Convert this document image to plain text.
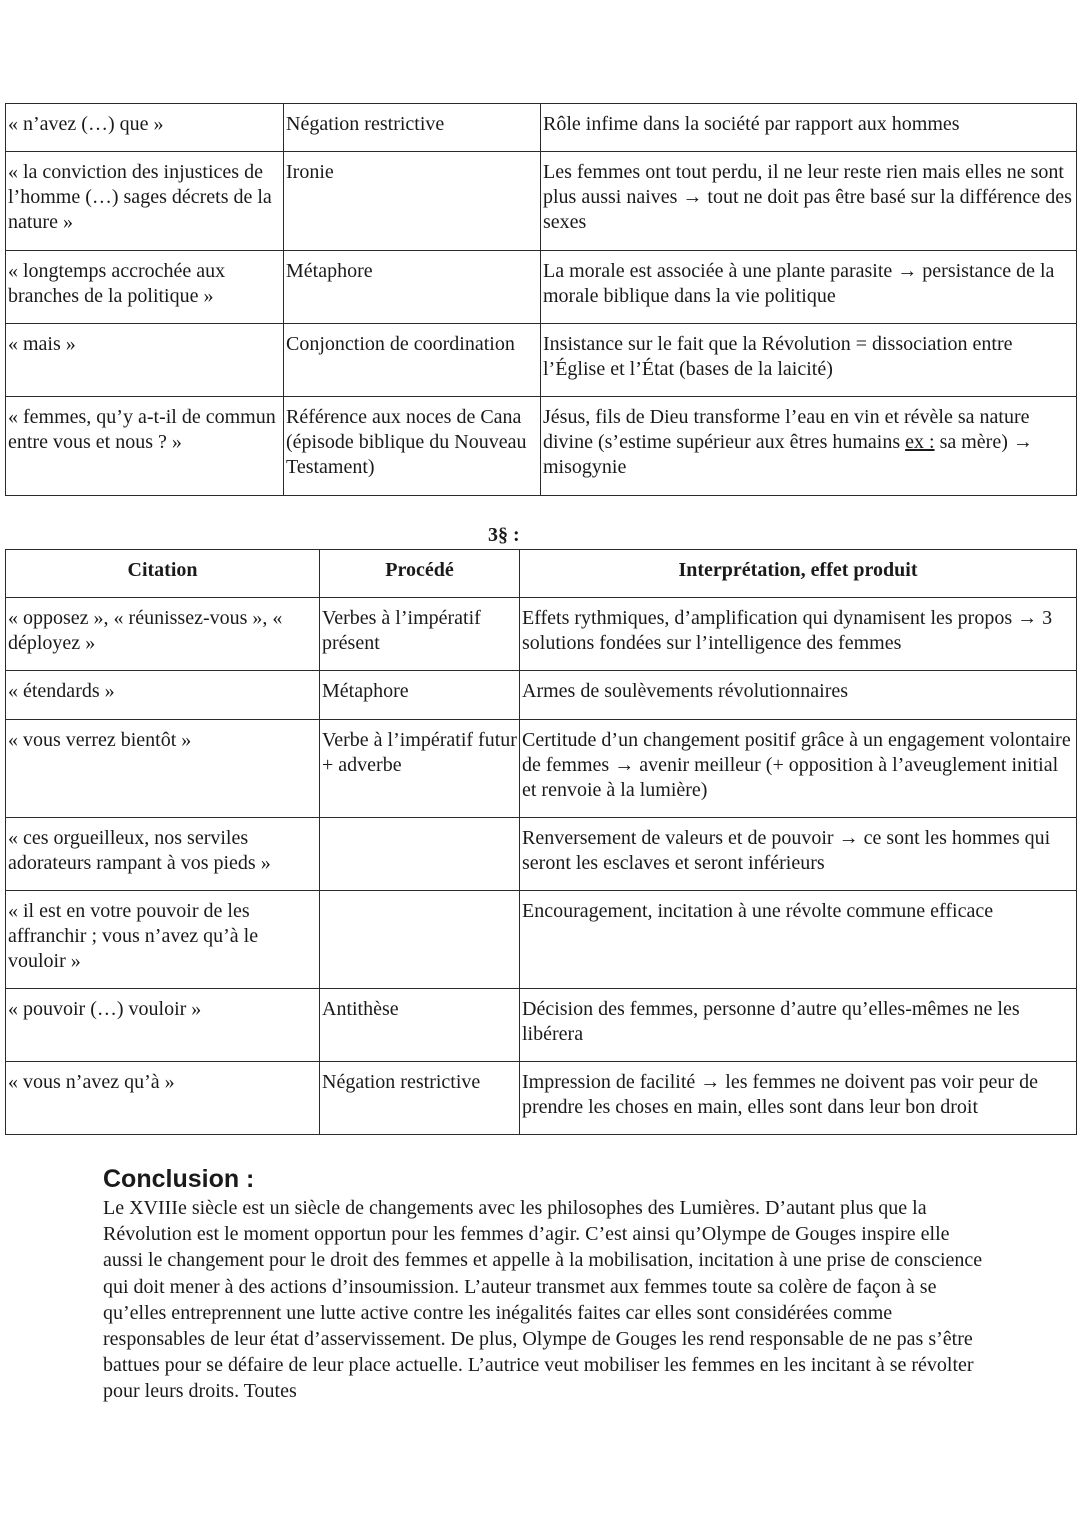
« n’avez (…) que »	Négation restrictive	Rôle infime dans la société par rapport aux hommes
« la conviction des injustices de l’homme (…) sages décrets de la nature »	Ironie	Les femmes ont tout perdu, il ne leur reste rien mais elles ne sont plus aussi naives → tout ne doit pas être basé sur la différence des sexes
« longtemps accrochée aux branches de la politique »	Métaphore	La morale est associée à une plante parasite → persistance de la morale biblique dans la vie politique
« mais »	Conjonction de coordination	Insistance sur le fait que la Révolution = dissociation entre l’Église et l’État (bases de la laicité)
« femmes, qu’y a-t-il de commun entre vous et nous ? »	Référence aux noces de Cana (épisode biblique du Nouveau Testament)	Jésus, fils de Dieu transforme l’eau en vin et révèle sa nature divine (s’estime supérieur aux êtres humains ex : sa mère) → misogynie
3§ :
Citation	Procédé	Interprétation, effet produit
« opposez », « réunissez-vous », « déployez »	Verbes à l’impératif présent	Effets rythmiques, d’amplification qui dynamisent les propos → 3 solutions fondées sur l’intelligence des femmes
« étendards »	Métaphore	Armes de soulèvements révolutionnaires
« vous verrez bientôt »	Verbe à l’impératif futur + adverbe	Certitude d’un changement positif grâce à un engagement volontaire de femmes → avenir meilleur (+ opposition à l’aveuglement initial et renvoie à la lumière)
« ces orgueilleux, nos serviles adorateurs rampant à vos pieds »		Renversement de valeurs et de pouvoir → ce sont les hommes qui seront les esclaves et seront inférieurs
« il est en votre pouvoir de les affranchir ; vous n’avez qu’à le vouloir »		Encouragement, incitation à une révolte commune efficace
« pouvoir (…) vouloir »	Antithèse	Décision des femmes, personne d’autre qu’elles-mêmes ne les libérera
« vous n’avez qu’à »	Négation restrictive	Impression de facilité → les femmes ne doivent pas voir peur de prendre les choses en main, elles sont dans leur bon droit
Conclusion :

Le XVIIIe siècle est un siècle de changements avec les philosophes des Lumières. D’autant plus que la Révolution est le moment opportun pour les femmes d’agir. C’est ainsi qu’Olympe de Gouges inspire elle aussi le changement pour le droit des femmes et appelle à la mobilisation, incitation à une prise de conscience qui doit mener à des actions d’insoumission. L’auteur transmet aux femmes toute sa colère de façon à se qu’elles entreprennent une lutte active contre les inégalités faites car elles sont considérées comme responsables de leur état d’asservissement. De plus, Olympe de Gouges les rend responsable de ne pas s’être battues pour se défaire de leur place actuelle. L’autrice veut mobiliser les femmes en les incitant à se révolter pour leurs droits. Toutes
